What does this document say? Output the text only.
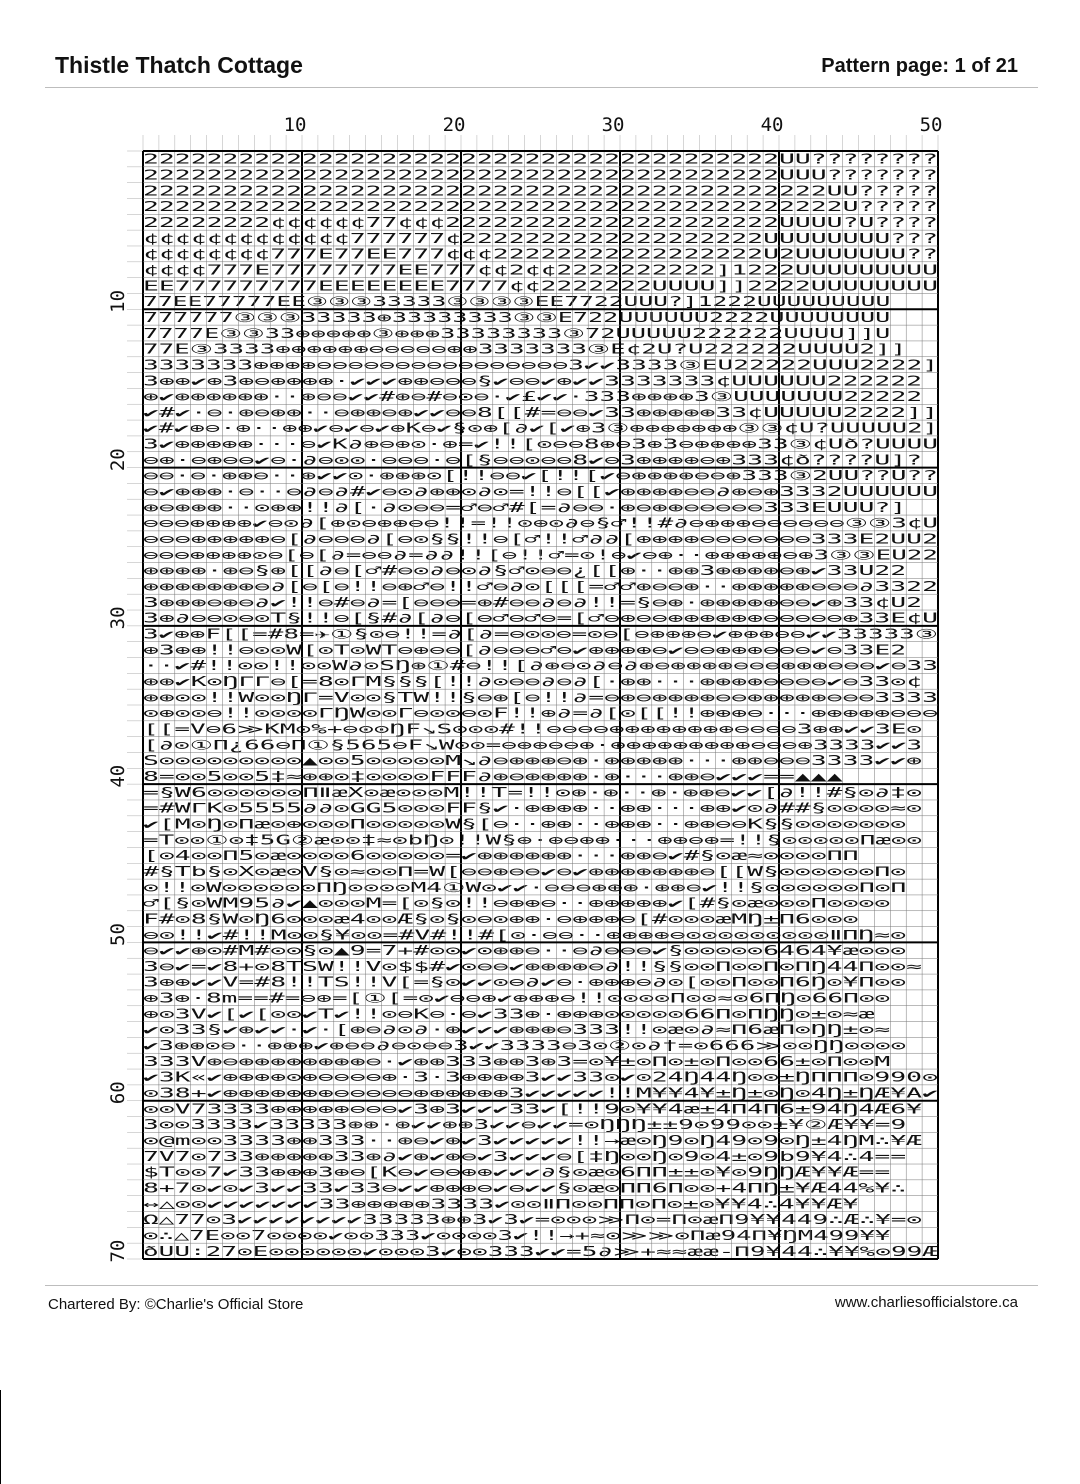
Thistle Thatch Cottage	Pattern page: 1 of 21
10	20	30	40	50
10
20
30
40
50
60
70
2222222222222222222222222222222222222222UU????????
2222222222222222222222222222222222222222UUU???????
2222222222222222222222222222222222222222222UU?????
22222222222222222222222222222222222222222222U?????
22222222¢¢¢¢¢¢77¢¢¢222222222222222222222UUUU?U????
¢¢¢¢¢¢¢¢¢¢¢¢¢777777¢2222222222222222222UUUUUUUU???
¢¢¢¢¢¢¢¢777E77EE777¢¢¢22222222222222222U2UUUUUUU??
¢¢¢¢777E77777777EE777¢¢2¢¢2222222222]1222UUUUUUUUU
EE777777777EEEEEEEE7777¢¢2222222UUUU]]2222UUUUUUUU
77EE77777EE③③③33333③③③③EE7722UUU?]1222UUUUUUUUU
777777③③③33333⊕33333333③③E722UUUUUU2222UUUUUUUU
7777E③③33⊕⊕⊕⊕⊕③⊕⊕⊕33333333③72UUUUU222222UUUU]]U
77E③3333⊕⊕⊕⊕⊕⊕⊖⊖⊖⊖⊖⊕⊕3333333③E¢2U?U222222UUUU2]]
3333333⊕⊕⊕⊕⊖⊖⊖⊖⊖⊖⊖⊖⊖⊖⊖⊖⊖⊖⊖⊖3✔✔3333③EU22222UUU2222]
3⊕⊕✔⊕3⊕⊖⊕⊕⊕⊕·✔✔✔⊕⊕⊖⊖⊖§✔⊖⊖✔⊕✔✔3333333¢UUUUUU222222
⊕✔⊕⊕⊕⊕⊕⊕··⊕⊖⊖✔✔#⊕⊖#⊖⊙⊖·✔£✔✔·333⊕⊕⊕⊕3③UUUUUUU22222
✔#✔·⊖·⊕⊖⊕⊕··⊖⊕⊕⊖⊕✔✔⊖⊖8[[#=⊖⊖✔33⊕⊕⊕⊕⊕33¢UUUUU2222]]
✔#✔⊕⊖·⊕··⊕⊕✔⊖✔⊖✔⊕K⊖✔§⊙⊕[∂✔[✔⊕3③⊕⊕⊕⊕⊕⊕⊕③③¢U?UUUUU2]
3✔⊕⊕⊕⊕⊕···⊖✔K∂⊕⊖⊕⊙·⊕=✔!![⊙⊖⊖8⊕⊖3⊕3⊖⊕⊕⊕⊕33③¢Uð?UUUU
⊖⊕·⊖⊕⊖⊖✔⊖·∂⊖⊙⊙·⊖⊖⊖·⊖[§⊖⊖⊙⊖⊖8✔⊖3⊕⊕⊕⊕⊖⊕333¢ð????U]?
⊖⊖·⊖·⊕⊕⊖··⊕✔✔⊙·⊕⊕⊕⊙[!!⊖⊖✔[!![✔⊖⊕⊕⊕⊕⊖⊖⊕333③2UU??U??
⊖✔⊕⊕⊕·⊖··⊖∂⊖∂#✔⊖⊙∂⊕⊕⊙∂⊙=!!⊖[[✔⊕⊕⊕⊕⊖⊖∂⊕⊖⊕3332UUUUUU
⊕⊖⊕⊕⊕··⊙⊕⊕!!∂[·∂⊙⊖⊖=♂⊖♂#[=∂⊖⊖·⊕⊖⊕⊕⊖⊖⊖⊖⊖333EUUU?]
⊖⊖⊖⊕⊕⊕⊕✔⊖⊙∂[⊕⊙⊖⊕⊕⊖⊖!!=!!⊙⊕⊙∂⊖§♂!!#∂⊖⊕⊕⊕⊖⊖⊖⊖⊖⊖③③3¢U
⊖⊖⊖⊕⊕⊕⊕⊕⊖[∂⊖⊖⊖∂[⊖⊙§§!!⊖[♂!!♂∂∂[⊕⊕⊕⊕⊖⊖⊖⊖⊖⊖⊖333E2UU2
⊖⊖⊖⊕⊕⊕⊕⊙⊖[⊖[∂=⊖⊖∂=∂∂!![⊖!!♂=⊙!⊖✔⊖⊕··⊕⊕⊕⊕⊕⊖⊕3③③EU22
⊕⊕⊕⊕·⊕⊖§⊕[[∂⊖[♂#⊖⊙∂⊖⊙∂§♂⊙⊖⊖¿[[⊕··⊕⊕3⊕⊕⊕⊕⊖⊕✔33U22
⊕⊕⊕⊕⊕⊕⊕⊖∂[⊖[⊖!!⊖⊕♂⊖!!♂⊖∂⊙[[[=♂♂⊕⊖⊖⊕··⊕⊕⊕⊕⊕⊖⊖⊖∂3322
3⊕⊕⊕⊖⊕⊖∂✔!!⊖#⊖∂=[⊖⊖⊖=⊕#⊖⊖∂⊖∂!!=§⊖⊕·⊕⊕⊕⊕⊕⊖⊖✔⊕33¢U2
3⊕∂⊖⊖⊙⊖⊙T§!!⊖[§#∂[∂⊖[⊖♂⊖♂⊖=[♂⊖⊕⊖⊖⊕⊕⊕⊕⊕⊕⊖⊖⊖⊖⊖⊕33E¢U
3✔⊕⊕F[[=#8=✈①§⊙⊖!!=∂[∂=⊖⊙⊙⊖=⊙⊖[⊖⊕⊕⊕⊖✔⊕⊕⊕⊖⊖✔✔33333③
⊕3⊕⊕!!⊖⊙⊙W[⊙T⊙WT⊖⊕⊖⊖[∂⊖⊖⊖♂⊖✔⊕⊕⊕⊕⊖✔⊖⊖⊕⊕⊕⊖⊖⊖✔⊖33E2
··✔#!!⊙⊙!!⊙⊙W∂⊙SŊ⊕①#⊖!![∂⊕⊖⊙∂⊖∂⊕⊖⊕⊕⊕⊕⊖⊖⊖⊕⊕⊕⊖⊖⊖✔⊖33
⊕⊕✔K⊙ŊΓΓ⊖[=8⊙ΓM§§§[!!∂⊙⊖⊖∂⊖∂[·⊕⊕···⊕⊕⊕⊕⊖⊖⊖⊖✔⊖33⊙¢
⊕⊕⊙⊙!!W⊙⊙ŊΓ=V⊙⊙§TW!!§⊖⊕[⊖!!∂=⊖⊕⊖⊕⊕⊕⊕⊖⊖⊕⊕⊕⊕⊕⊖⊖⊖3333
⊙⊕⊙⊙⊖!!⊙⊙⊙⊙ΓŊW⊙⊙Γ⊖⊙⊙⊖⊙F!!⊕∂=∂[⊙[[!!⊕⊕⊕⊖···⊕⊕⊕⊕⊕⊖⊖⊖
[[=V⊖6≫KM⊙%+⊖⊙⊙ŊF↘S⊙⊙⊙#!!⊖⊖⊖⊖⊕⊕⊕⊕⊕⊕⊕⊕⊖⊖⊖⊖3⊕⊕✔✔3E⊙
[∂⊙①Π¿66⊖Π①§565⊖F↘W⊙⊙=⊖⊕⊕⊖⊖⊕·⊕⊕⊕⊕⊕⊕⊕⊕⊕⊖⊖⊖⊕3333✔✔3
S⊙⊙⊙⊙⊙⊙⊙⊙⊙▲⊙⊙5⊙⊙⊙⊙⊙M↘∂⊖⊕⊕⊕⊖⊕·⊕⊕⊕⊕⊕···⊕⊕⊖⊖⊖3333✔✔⊕
8=⊙⊙5⊙⊙5‡≈⊕⊕⊙‡⊙⊙⊙⊙FFF∂⊕⊖⊕⊕⊕⊕·⊕···⊕⊕⊖✔✔✔==▲▲▲
=§W6⊙⊙⊙⊙⊙⊙ΠⅡæX⊙æ⊙⊙⊙M!!T=!!⊙⊕·⊕··⊕·⊕⊕⊖✔✔[∂!!#§⊙∂‡⊙
=#WΓK⊙5555∂∂⊙GG5⊙⊙⊙FF§✔·⊕⊕⊕⊕··⊕⊕···⊕⊕✔⊙∂##§⊙⊙⊙⊙≈⊙
✔[M⊙Ŋ⊙Πæ⊙⊕⊙⊙⊙Π⊙⊙⊙⊙⊙W§[⊖··⊕⊕··⊕⊕⊕··⊕⊕⊖⊖K§§⊙⊙⊙⊙⊙⊙⊙
=T⊙⊙①⊙‡5G②æ⊙⊙‡≈⊙bŊ⊙!!W§⊕·⊕⊖⊕⊕···⊕⊕⊖⊕=!!§⊙⊙⊙⊙⊙Πæ⊙⊙
[⊙4⊙⊙Π5⊙æ⊙⊙⊙⊙6⊙⊙⊙⊙⊙=✔⊕⊕⊕⊕⊕⊕···⊕⊕⊖✔#§⊙æ≈⊙⊙⊙⊙ΠΠ
#§Tb§⊙X⊙æ⊙V§⊙≈⊙⊙Π=W[⊖⊖⊕⊖⊖✔⊖✔⊕⊕⊕⊕⊕⊕⊕⊖[[W§⊙⊙⊙⊙⊙⊙Π⊙
⊙!!⊙W⊙⊙⊙⊙⊙⊙ΠŊ⊙⊙⊙⊙M4①W⊙✔✔·⊖⊖⊖⊕⊕⊕·⊕⊕⊖✔!!§⊙⊙⊙⊙⊙⊙Π⊙Π
♂[§⊙WM95∂✔▲⊙⊙⊙M=[⊙§⊙!!⊖⊕⊕⊖··⊕⊕⊕⊕⊕✔[#§⊙æ⊙⊙⊙Π⊙⊙⊙⊙
F#⊙8§W⊙Ŋ6⊙⊙⊙æ4⊙⊙Æ§⊙§⊙⊖⊙⊕⊕·⊖⊕⊕⊕⊖[#⊙⊙⊙æMŊ±Π6⊙⊙⊙
⊖⊙!!✔#!!M⊙⊙§¥⊙⊙=#V#!!#[⊙·⊖⊖··⊕⊕⊕⊕⊖⊙⊙⊙⊙⊙⊙⊙⊙⊙ⅡΠŊ≈⊙
⊖✔✔⊕⊙#M#⊙⊙§⊙▲9=7+#⊙⊙✔⊙⊕⊕⊖··⊖∂⊖⊖⊖✔§⊙⊙⊙⊙⊙6464¥æ⊙⊙⊙
3⊖✔=✔8+⊙8TSW!!V⊙$$#✔⊙⊖⊖✔⊕⊕⊕⊕⊖∂!!§§⊙⊙Π⊙⊙Π⊙ΠŊ44Π⊙⊙≈
3⊕⊕✔✔V=#8!!TS!!V[=§⊙✔✔⊙⊖∂✔⊖·⊕⊕⊕⊖∂⊙[⊙⊙Π⊙⊙Π6Ŋ⊙¥Π⊙⊙
⊕3⊕·8m==#=⊖⊕=[①[=⊙✔⊖⊖⊕✔⊕⊕⊕⊖!!⊙⊙⊙⊙Π⊙⊙≈⊙6ΠŊ⊙66Π⊙⊙
⊕⊙3V✔[✔[⊙⊙✔T✔!!⊙⊖K⊖·⊖✔33⊕·⊕⊕⊕⊙⊙⊙⊙⊙66Π⊙ΠŊŊ⊙±⊙≈æ
✔⊙33§✔⊕✔✔·✔·[⊕⊖∂⊙∂·⊕✔✔✔⊕⊕⊕⊖333!!⊙æ⊙∂≈Π6æΠ⊙ŊŊ±⊙≈
✔3⊕⊕⊙⊖··⊕⊕⊕✔⊕⊖⊖∂⊖⊙⊖⊖3✔✔3333⊖3⊙②⊙∂†=⊙666≫⊙⊙ŊŊ⊙⊙⊙⊙
333V⊕⊖⊕⊕⊕⊕⊕⊕⊕⊕⊖·✔⊕⊕333⊕⊕3⊕3=⊙¥±⊙Π⊙±⊙Π⊙⊙66±⊙Π⊙⊙M
✔3K«✔⊕⊕⊕⊕⊙⊕⊖⊖⊖⊖⊕·3·3⊕⊕⊕⊕3✔✔33⊙✔⊙24Ŋ44Ŋ⊙⊙±ŊΠΠΠ⊙990⊙
⊙38+✔⊕⊕⊕⊕⊕⊕⊕⊖⊖⊖⊖⊖⊕⊕⊕⊕⊕⊕3✔✔✔✔✔!!M¥¥4¥±Ŋ±⊙Ŋ⊙4Ŋ±ŊÆ¥A✔
⊙⊙V73333⊕⊕⊕⊕⊕⊖⊖⊖✔3⊕3✔✔✔33✔[!!9⊙¥¥4æ±4Π4Π6±94Ŋ4Æ6¥
3⊙⊙3333✔33333⊕⊕·⊕✔✔⊕⊕3✔✔⊖✔✔=⊙ŊŊŊ±±9⊙99⊙⊙±¥②Æ¥¥=9
⊙@m⊙⊙3333⊕⊕333··⊕⊖✔⊕✔3✔✔✔✔✔!!→æ⊙Ŋ9⊙Ŋ49⊙9⊙Ŋ±4ŊM∴¥Æ
7V7⊙733⊕⊕⊕⊕⊕33⊕∂✔⊕✔⊕⊖✔3✔✔✔⊖[‡Ŋ⊙⊙Ŋ⊙9⊙4±⊙9b9¥4∴4==
$T⊙⊙7✔33⊕⊕⊕3⊕⊖[K⊖✔⊖⊖⊕⊕✔✔✔∂§⊙æ⊙6ΠΠ±±⊙¥⊙9ŊŊÆ¥¥Æ==
8+7⊙✔⊙✔3✔✔33✔33⊖✔✔⊕⊕⊕⊖✔⊖✔✔§⊙æ⊙ΠΠ6Π⊙⊙+4ΠŊ±¥Æ44%¥∴
↔△⊙⊙✔✔✔✔✔✔✔33⊕⊕⊕⊕⊕3333✔⊙⊙ⅡΠ⊙⊙ΠΠ⊙Π⊙±⊙¥¥4∴4¥¥Æ¥
Ω△77⊙3✔✔✔✔✔✔✔✔33333⊕⊕3✔3✔=⊙⊙⊙≫Π⊙=Π⊙æΠ9¥¥449∴Æ∴¥=⊙
⊙∴△7E⊙⊙7⊙⊙⊙⊙✔⊙⊙333✔⊙⊙⊙⊙3✔!!→+≈⊙≫≫⊙Πæ94Π¥ŊM499¥¥
ðUU∶27⊙E⊙⊙⊙⊙⊙⊙✔⊙⊙⊙3✔⊙⊙333✔✔=5∂≫+≈≈ææ-Π9¥44∴¥¥%⊙99Æ
Chartered By: ©Charlie's Official Store	www.charliesofficialstore.ca
